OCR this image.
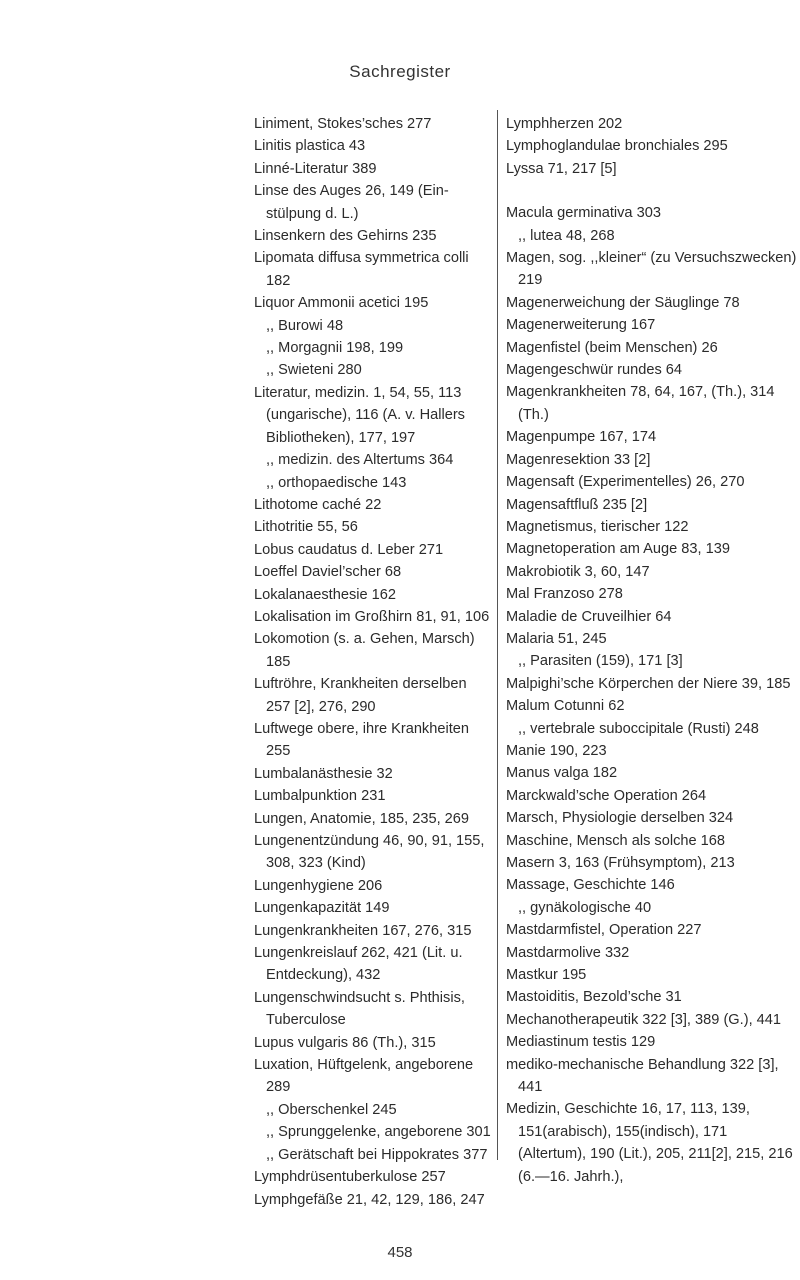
Sachregister

Liniment, Stokes’sches 277

Linitis plastica 43

Linné-Literatur 389

Linse des Auges 26, 149 (Ein-stülpung d. L.)

Linsenkern des Gehirns 235

Lipomata diffusa symmetrica colli 182

Liquor Ammonii acetici 195

,, Burowi 48

,, Morgagnii 198, 199

,, Swieteni 280

Literatur, medizin. 1, 54, 55, 113 (ungarische), 116 (A. v. Hallers Bibliotheken), 177, 197

,, medizin. des Altertums 364

,, orthopaedische 143

Lithotome caché 22

Lithotritie 55, 56

Lobus caudatus d. Leber 271

Loeffel Daviel’scher 68

Lokalanaesthesie 162

Lokalisation im Großhirn 81, 91, 106

Lokomotion (s. a. Gehen, Marsch) 185

Luftröhre, Krankheiten derselben 257 [2], 276, 290

Luftwege obere, ihre Krankheiten 255

Lumbalanästhesie 32

Lumbalpunktion 231

Lungen, Anatomie, 185, 235, 269

Lungenentzündung 46, 90, 91, 155, 308, 323 (Kind)

Lungenhygiene 206

Lungenkapazität 149

Lungenkrankheiten 167, 276, 315

Lungenkreislauf 262, 421 (Lit. u. Entdeckung), 432

Lungenschwindsucht s. Phthisis, Tuberculose

Lupus vulgaris 86 (Th.), 315

Luxation, Hüftgelenk, angeborene 289

,, Oberschenkel 245

,, Sprunggelenke, angeborene 301

,, Gerätschaft bei Hippokrates 377

Lymphdrüsentuberkulose 257

Lymphgefäße 21, 42, 129, 186, 247

Lymphherzen 202

Lymphoglandulae bronchiales 295

Lyssa 71, 217 [5]

Macula germinativa 303

,, lutea 48, 268

Magen, sog. ,,kleiner“ (zu Versuchszwecken) 219

Magenerweichung der Säuglinge 78

Magenerweiterung 167

Magenfistel (beim Menschen) 26

Magengeschwür rundes 64

Magenkrankheiten 78, 64, 167, (Th.), 314 (Th.)

Magenpumpe 167, 174

Magenresektion 33 [2]

Magensaft (Experimentelles) 26, 270

Magensaftfluß 235 [2]

Magnetismus, tierischer 122

Magnetoperation am Auge 83, 139

Makrobiotik 3, 60, 147

Mal Franzoso 278

Maladie de Cruveilhier 64

Malaria 51, 245

,, Parasiten (159), 171 [3]

Malpighi’sche Körperchen der Niere 39, 185

Malum Cotunni 62

,, vertebrale suboccipitale (Rusti) 248

Manie 190, 223

Manus valga 182

Marckwald’sche Operation 264

Marsch, Physiologie derselben 324

Maschine, Mensch als solche 168

Masern 3, 163 (Frühsymptom), 213

Massage, Geschichte 146

,, gynäkologische 40

Mastdarmfistel, Operation 227

Mastdarmolive 332

Mastkur 195

Mastoiditis, Bezold’sche 31

Mechanotherapeutik 322 [3], 389 (G.), 441

Mediastinum testis 129

mediko-mechanische Behandlung 322 [3], 441

Medizin, Geschichte 16, 17, 113, 139, 151(arabisch), 155(indisch), 171 (Altertum), 190 (Lit.), 205, 211[2], 215, 216 (6.—16. Jahrh.),

458
